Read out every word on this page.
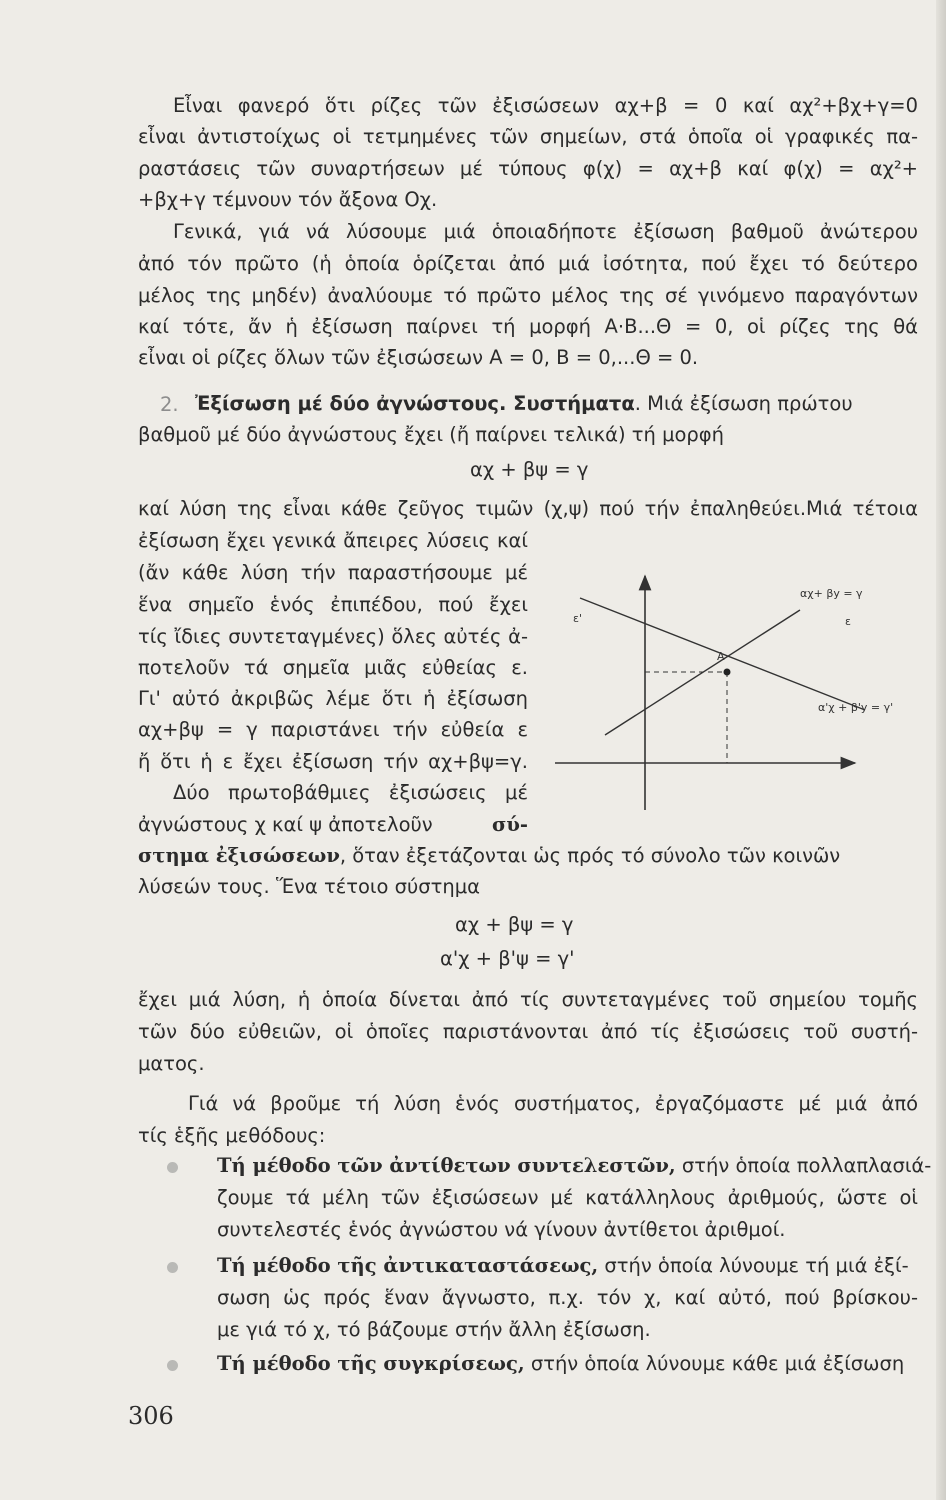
Εἶναι φανερό ὅτι ρίζες τῶν ἐξισώσεων αχ+β = 0 καί αχ²+βχ+γ=0
εἶναι ἀντιστοίχως οἱ τετμημένες τῶν σημείων, στά ὁποῖα οἱ γραφικές πα-
ραστάσεις τῶν συναρτήσεων μέ τύπους φ(χ) = αχ+β καί φ(χ) = αχ²+
+βχ+γ τέμνουν τόν ἄξονα Οχ.
Γενικά, γιά νά λύσουμε μιά ὁποιαδήποτε ἐξίσωση βαθμοῦ ἀνώτερου
ἀπό τόν πρῶτο (ἡ ὁποία ὁρίζεται ἀπό μιά ἰσότητα, πού ἔχει τό δεύτερο
μέλος της μηδέν) ἀναλύουμε τό πρῶτο μέλος της σέ γινόμενο παραγόντων
καί τότε, ἄν ἡ ἐξίσωση παίρνει τή μορφή Α·Β...Θ = 0, οἱ ρίζες της θά
εἶναι οἱ ρίζες ὅλων τῶν ἐξισώσεων Α = 0, Β = 0,...Θ = 0.
2. Ἐξίσωση μέ δύο ἀγνώστους. Συστήματα. Μιά ἐξίσωση πρώτου
βαθμοῦ μέ δύο ἀγνώστους ἔχει (ἤ παίρνει τελικά) τή μορφή
αχ + βψ = γ
καί λύση της εἶναι κάθε ζεῦγος τιμῶν (χ,ψ) πού τήν ἐπαληθεύει.Μιά τέτοια
ἐξίσωση ἔχει γενικά ἄπειρες λύσεις καί
(ἄν κάθε λύση τήν παραστήσουμε μέ
ἕνα σημεῖο ἑνός ἐπιπέδου, πού ἔχει
τίς ἴδιες συντεταγμένες) ὅλες αὐτές ἀ-
ποτελοῦν τά σημεῖα μιᾶς εὐθείας ε.
Γι' αὐτό ἀκριβῶς λέμε ὅτι ἡ ἐξίσωση
αχ+βψ = γ παριστάνει τήν εὐθεία ε
ἤ ὅτι ἡ ε ἔχει ἐξίσωση τήν αχ+βψ=γ.
Δύο πρωτοβάθμιες ἐξισώσεις μέ
ἀγνώστους χ καί ψ ἀποτελοῦν	σύ-
Α
αχ+ βy = γ
α'χ + β'y = γ'
ε
ε'
στημα ἐξισώσεων, ὅταν ἐξετάζονται ὡς πρός τό σύνολο τῶν κοινῶν
λύσεών τους. Ἕνα τέτοιο σύστημα
αχ + βψ = γ
α'χ + β'ψ = γ'
ἔχει μιά λύση, ἡ ὁποία δίνεται ἀπό τίς συντεταγμένες τοῦ σημείου τομῆς
τῶν δύο εὐθειῶν, οἱ ὁποῖες παριστάνονται ἀπό τίς ἐξισώσεις τοῦ συστή-
ματος.
Γιά νά βροῦμε τή λύση ἑνός συστήματος, ἐργαζόμαστε μέ μιά ἀπό
τίς ἑξῆς μεθόδους:
Τή μέθοδο τῶν ἀντίθετων συντελεστῶν, στήν ὁποία πολλαπλασιά-
ζουμε τά μέλη τῶν ἐξισώσεων μέ κατάλληλους ἀριθμούς, ὥστε οἱ
συντελεστές ἑνός ἀγνώστου νά γίνουν ἀντίθετοι ἀριθμοί.
Τή μέθοδο τῆς ἀντικαταστάσεως, στήν ὁποία λύνουμε τή μιά ἐξί-
σωση ὡς πρός ἕναν ἄγνωστο, π.χ. τόν χ, καί αὐτό, πού βρίσκου-
με γιά τό χ, τό βάζουμε στήν ἄλλη ἐξίσωση.
Τή μέθοδο τῆς συγκρίσεως, στήν ὁποία λύνουμε κάθε μιά ἐξίσωση
306
